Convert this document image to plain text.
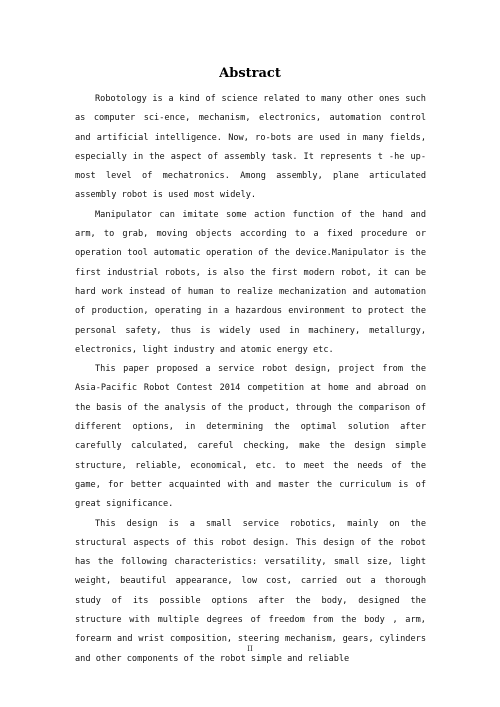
Abstract

Robotology is a kind of science related to many other ones such as computer sci-ence, mechanism, electronics, automation control and artificial intelligence. Now, ro-bots are used in many fields, especially in the aspect of assembly task. It represents t -he up-most level of mechatronics. Among assembly, plane articulated assembly robot is used most widely.

Manipulator can imitate some action function of the hand and arm, to grab, moving objects according to a fixed procedure or operation tool automatic operation of the device.Manipulator is the first industrial robots, is also the first modern robot, it can be hard work instead of human to realize mechanization and automation of production, operating in a hazardous environment to protect the personal safety, thus is widely used in machinery, metallurgy, electronics, light industry and atomic energy etc.

This paper proposed a service robot design, project from the Asia-Pacific Robot Contest 2014 competition at home and abroad on the basis of the analysis of the product, through the comparison of different options, in determining the optimal solution after carefully calculated, careful checking, make the design simple structure, reliable, economical, etc. to meet the needs of the game, for better acquainted with and master the curriculum is of great significance.

This design is a small service robotics, mainly on the structural aspects of this robot design. This design of the robot has the following characteristics: versatility, small size, light weight, beautiful appearance, low cost, carried out a thorough study of its possible options after the body, designed the structure with multiple degrees of freedom from the body , arm, forearm and wrist composition, steering mechanism, gears, cylinders and other components of the robot simple and reliable

II
